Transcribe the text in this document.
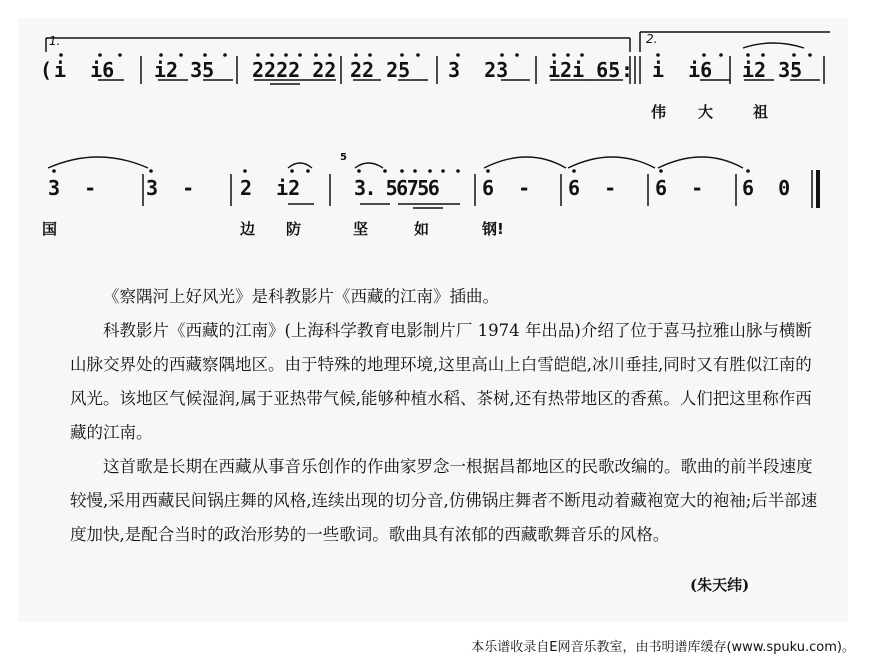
1.	2.
( i  i6 i2 35 2222 22 22 25 3  23 i2i 65 : i  i6 i2 35
伟 大	祖
5
3  - 3  - 2  i2	3. 56756 6  - 6  - 6  - 6  0
国	边 防	坚	如	钢!

《察隅河上好风光》是科教影片《西藏的江南》插曲。

科教影片《西藏的江南》(上海科学教育电影制片厂 1974 年出品)介绍了位于喜马拉雅山脉与横断山脉交界处的西藏察隅地区。由于特殊的地理环境,这里高山上白雪皑皑,冰川垂挂,同时又有胜似江南的风光。该地区气候湿润,属于亚热带气候,能够种植水稻、茶树,还有热带地区的香蕉。人们把这里称作西藏的江南。

这首歌是长期在西藏从事音乐创作的作曲家罗念一根据昌都地区的民歌改编的。歌曲的前半段速度较慢,采用西藏民间锅庄舞的风格,连续出现的切分音,仿佛锅庄舞者不断甩动着藏袍宽大的袍袖;后半部速度加快,是配合当时的政治形势的一些歌词。歌曲具有浓郁的西藏歌舞音乐的风格。

(朱天纬)
本乐谱收录自E网音乐教室，由书明谱库缓存(www.spuku.com)。
